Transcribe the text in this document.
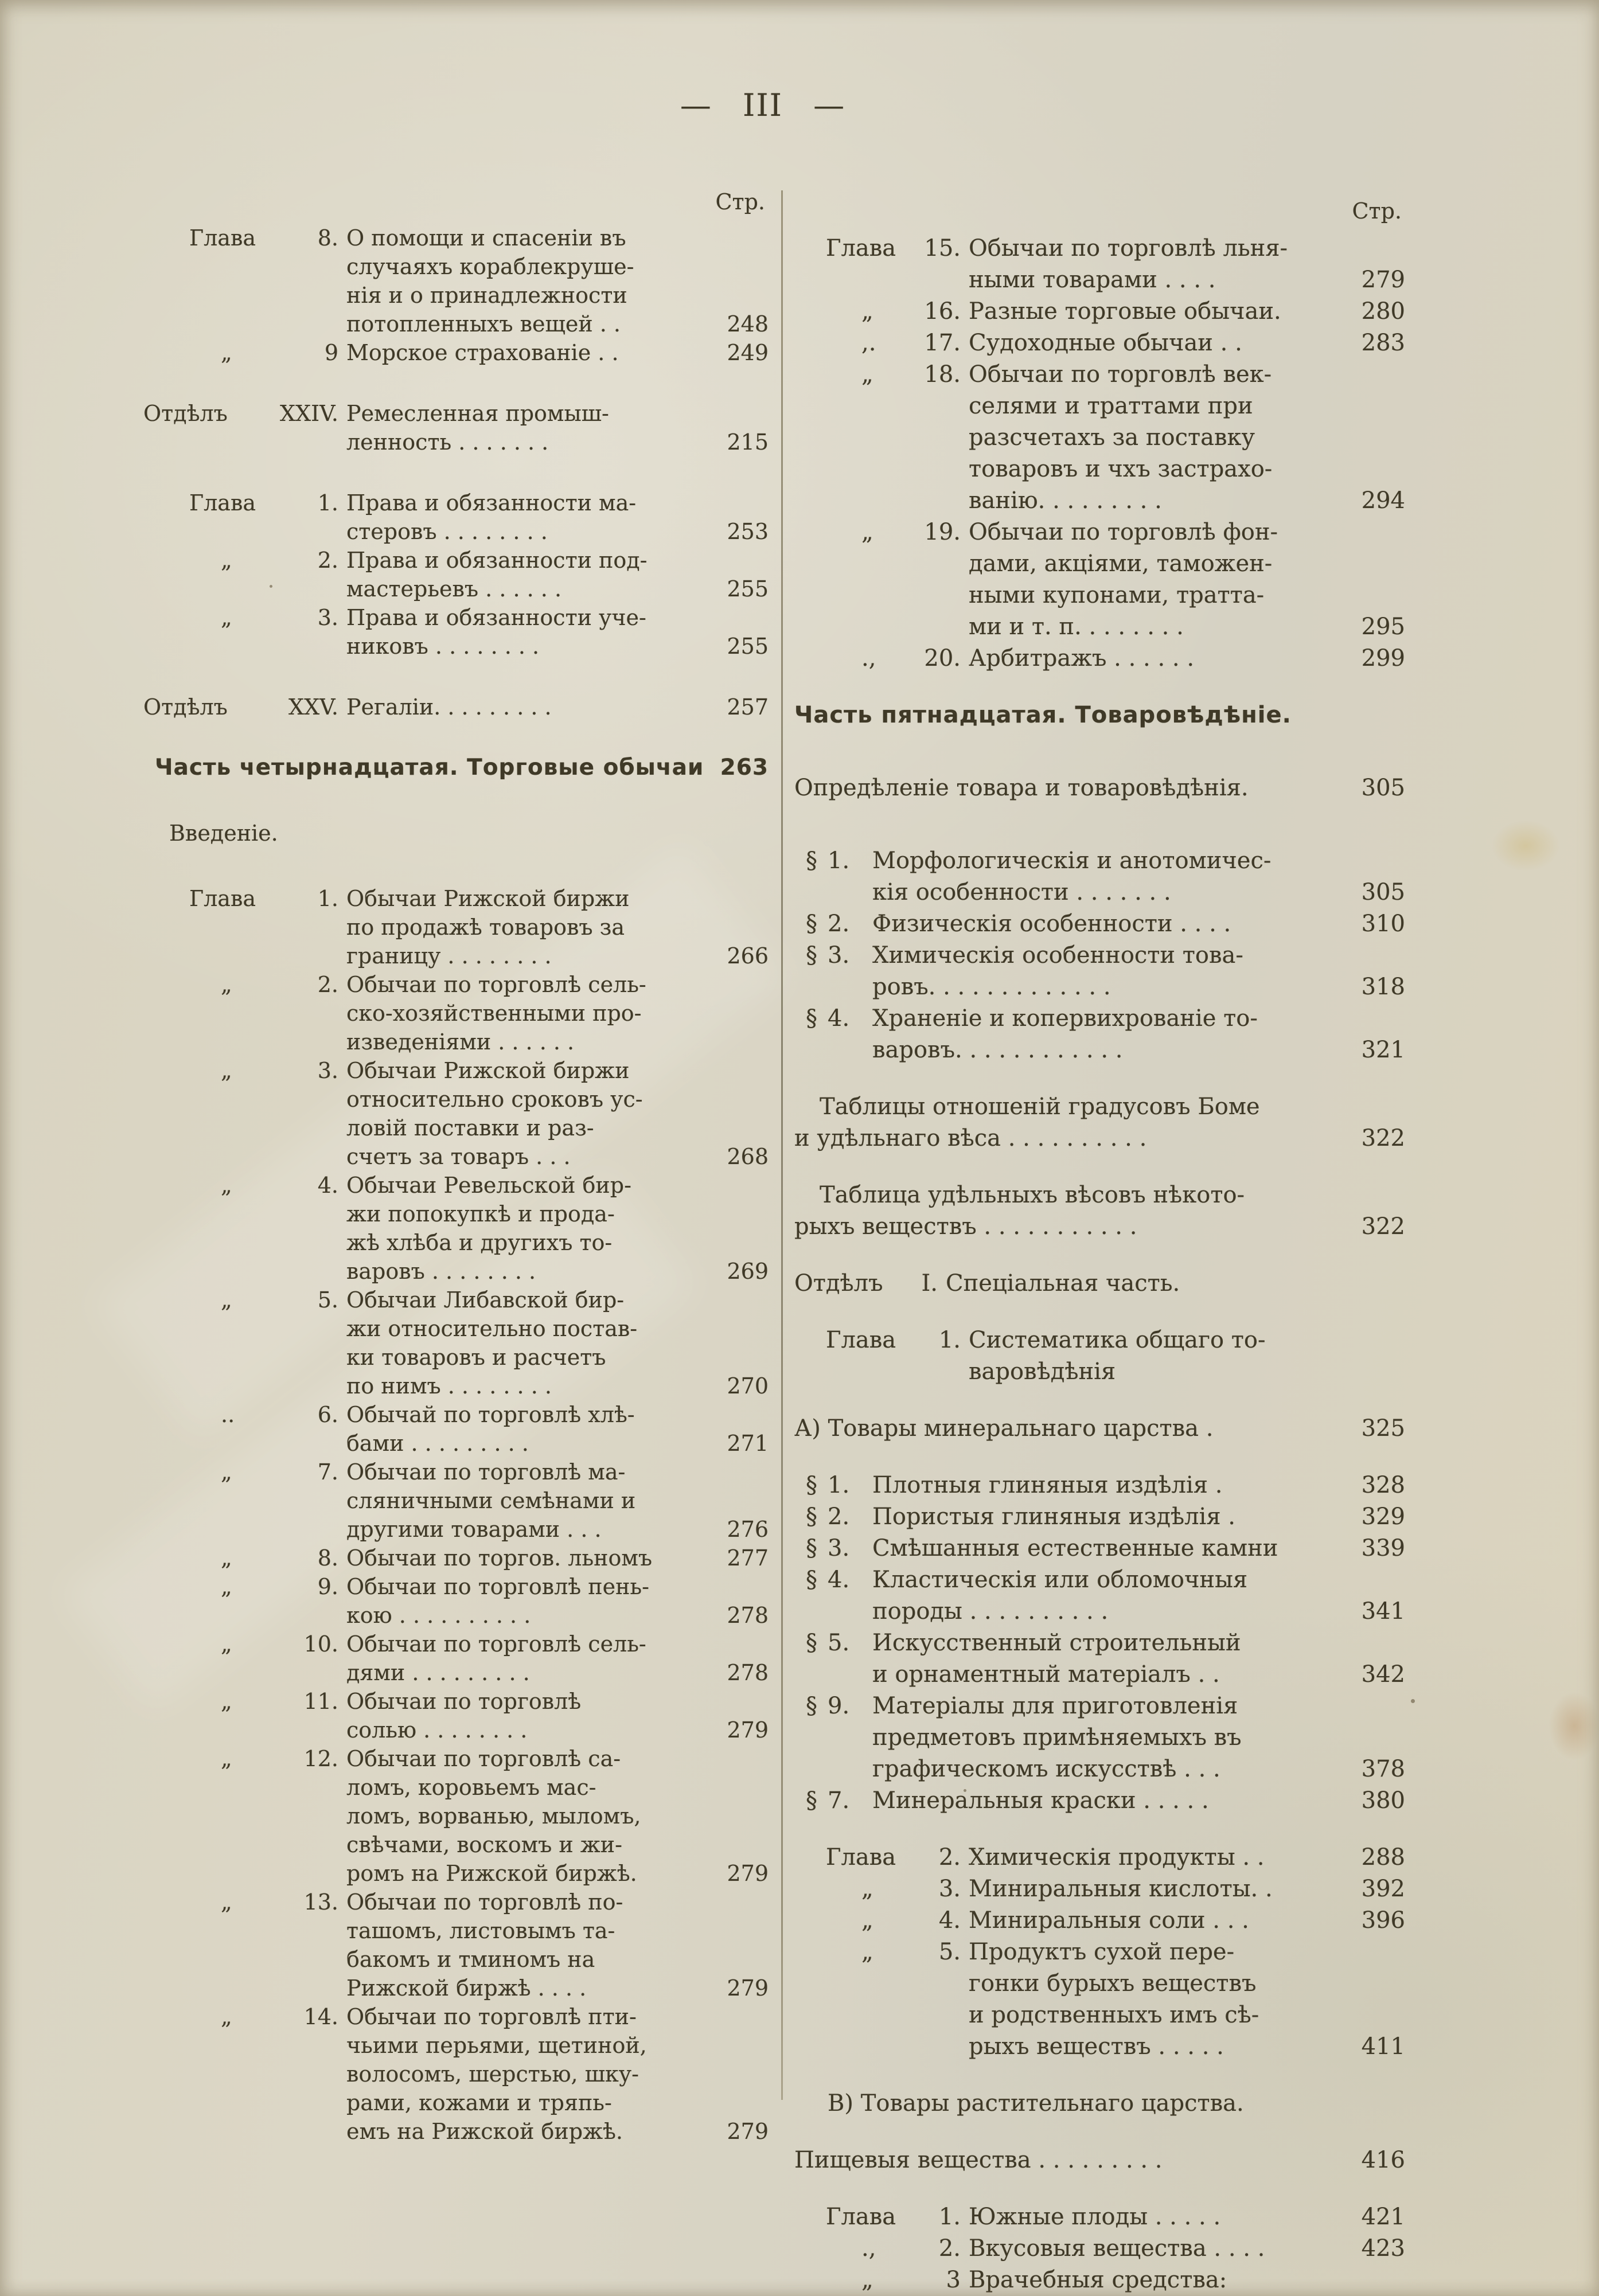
— III —
Стр.
Глава	8. О помощи и спасеніи въ
случаяхъ кораблекруше-
нія и о принадлежности
потопленныхъ вещей . .	248
„	9 Морское страхованіе . .	249
Отдѣлъ XXIV. Ремесленная промыш-
ленность . . . . . . .	215
Глава	1. Права и обязанности ма-
стеровъ . . . . . . . .	253
„	2. Права и обязанности под-
мастерьевъ . . . . . .	255
„	3. Права и обязанности уче-
никовъ . . . . . . . .	255
Отдѣлъ	XXV. Регаліи. . . . . . . . .	257
Часть четырнадцатая. Торговые обычаи 263
Введеніе.
Глава	1. Обычаи Рижской биржи
по продажѣ товаровъ за
границу . . . . . . . .	266
„	2. Обычаи по торговлѣ сель-
ско-хозяйственными про-
изведеніями . . . . . .
„	3. Обычаи Рижской биржи
относительно сроковъ ус-
ловій поставки и раз-
счетъ за товаръ . . .	268
„	4. Обычаи Ревельской бир-
жи попокупкѣ и прода-
жѣ хлѣба и другихъ то-
варовъ . . . . . . . .	269
„	5. Обычаи Либавской бир-
жи относительно постав-
ки товаровъ и расчетъ
по нимъ . . . . . . . .	270
..	6. Обычай по торговлѣ хлѣ-
бами . . . . . . . . .	271
„	7. Обычаи по торговлѣ ма-
сляничными семѣнами и
другими товарами . . .	276
„	8. Обычаи по торгов. льномъ	277
„	9. Обычаи по торговлѣ пень-
кою . . . . . . . . . .	278
„	10. Обычаи по торговлѣ сель-
дями . . . . . . . . .	278
„	11. Обычаи по торговлѣ
солью . . . . . . . .	279
„	12. Обычаи по торговлѣ са-
ломъ, коровьемъ мас-
ломъ, ворванью, мыломъ,
свѣчами, воскомъ и жи-
ромъ на Рижской биржѣ.	279
„	13. Обычаи по торговлѣ по-
ташомъ, листовымъ та-
бакомъ и тминомъ на
Рижской биржѣ . . . .	279
„	14. Обычаи по торговлѣ пти-
чьими перьями, щетиной,
волосомъ, шерстью, шку-
рами, кожами и тряпь-
емъ на Рижской биржѣ.	279
Стр.
Глава 15. Обычаи по торговлѣ льня-
ными товарами . . . .	279
„ 16. Разные торговые обычаи.	280
,. 17. Судоходные обычаи . .	283
„ 18. Обычаи по торговлѣ век-
селями и траттами при
разсчетахъ за поставку
товаровъ и чхъ застрахо-
ванію. . . . . . . . .	294
„ 19. Обычаи по торговлѣ фон-
дами, акціями, таможен-
ными купонами, тратта-
ми и т. п. . . . . . . .	295
., 20. Арбитражъ . . . . . .	299
Часть пятнадцатая. Товаровѣдѣніе.
Опредѣленіе товара и товаровѣдѣнія.	305
§ 1. Морфологическія и анотомичес-
кія особенности . . . . . . .	305
§ 2. Физическія особенности . . . .	310
§ 3. Химическія особенности това-
ровъ. . . . . . . . . . . . .	318
§ 4. Храненіе и копервихрованіе то-
варовъ. . . . . . . . . . . .	321
Таблицы отношеній градусовъ Боме
и удѣльнаго вѣса . . . . . . . . . .	322
Таблица удѣльныхъ вѣсовъ нѣкото-
рыхъ веществъ . . . . . . . . . . .	322
Отдѣлъ I. Спеціальная часть.
Глава 1. Систематика общаго то-
варовѣдѣнія
А) Товары минеральнаго царства .	325
§ 1. Плотныя глиняныя издѣлія .	328
§ 2. Пористыя глиняныя издѣлія .	329
§ 3. Смѣшанныя естественные камни	339
§ 4. Кластическія или обломочныя
породы . . . . . . . . . .	341
§ 5. Искусственный строительный
и орнаментный матеріалъ . .	342
§ 9. Матеріалы для приготовленія
предметовъ примѣняемыхъ въ
графическомъ искусствѣ . . .	378
§ 7. Минеральныя краски . . . . .	380
Глава 2. Химическія продукты . .	288
„	3. Миниральныя кислоты. .	392
„	4. Миниральныя соли . . .	396
„	5. Продуктъ сухой пере-
гонки бурыхъ веществъ
и родственныхъ имъ сѣ-
рыхъ веществъ . . . . .	411
В) Товары растительнаго царства.
Пищевыя вещества . . . . . . . . .	416
Глава 1. Южные плоды . . . . .	421
.,	2. Вкусовыя вещества . . . .	423
„	3 Врачебныя средства:
